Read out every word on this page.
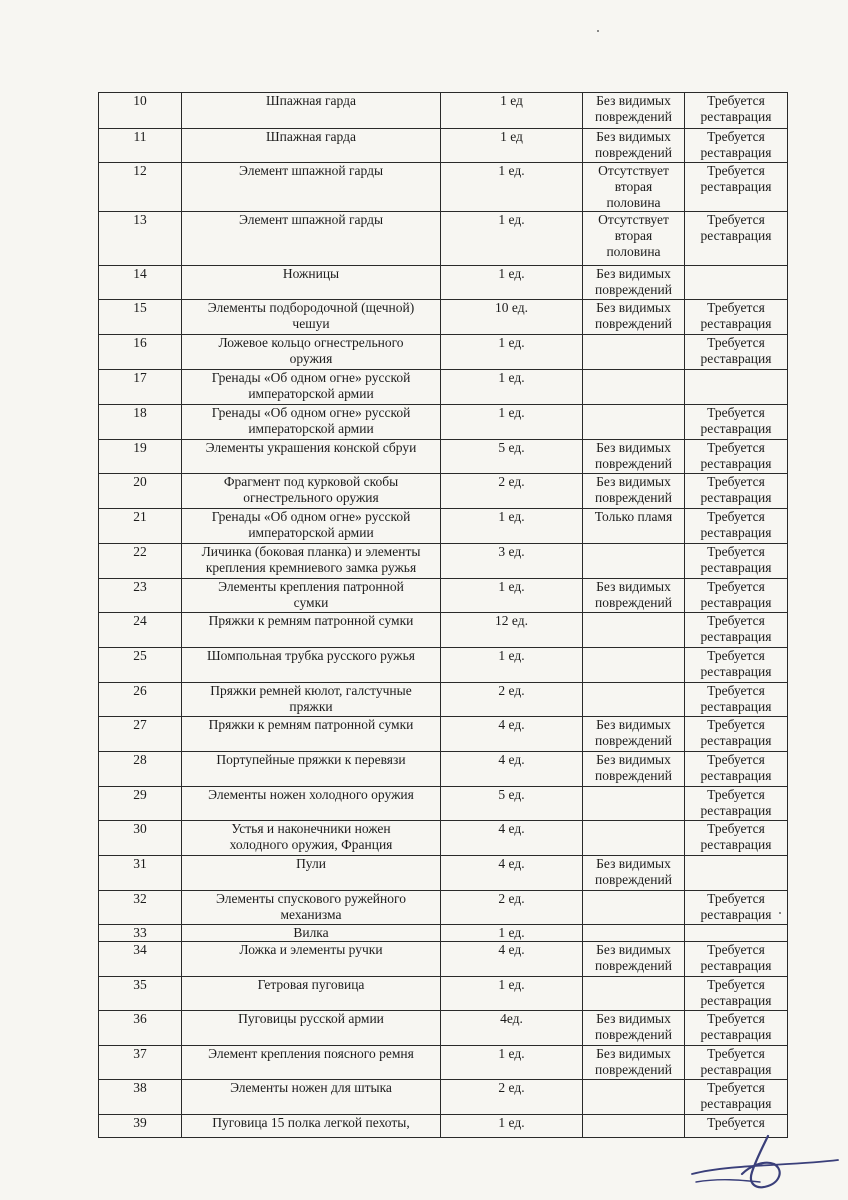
10	Шпажная гарда	1 ед	Без видимых
повреждений	Требуется
реставрация
11	Шпажная гарда	1 ед	Без видимых
повреждений	Требуется
реставрация
12	Элемент шпажной гарды	1 ед.	Отсутствует
вторая
половина	Требуется
реставрация
13	Элемент шпажной гарды	1 ед.	Отсутствует
вторая
половина	Требуется
реставрация
14	Ножницы	1 ед.	Без видимых
повреждений	
15	Элементы подбородочной (щечной)
чешуи	10 ед.	Без видимых
повреждений	Требуется
реставрация
16	Ложевое кольцо огнестрельного
оружия	1 ед.		Требуется
реставрация
17	Гренады «Об одном огне» русской
императорской армии	1 ед.		
18	Гренады «Об одном огне» русской
императорской армии	1 ед.		Требуется
реставрация
19	Элементы украшения конской сбруи	5 ед.	Без видимых
повреждений	Требуется
реставрация
20	Фрагмент под курковой скобы
огнестрельного оружия	2 ед.	Без видимых
повреждений	Требуется
реставрация
21	Гренады «Об одном огне» русской
императорской армии	1 ед.	Только пламя	Требуется
реставрация
22	Личинка (боковая планка) и элементы
крепления кремниевого замка ружья	3 ед.		Требуется
реставрация
23	Элементы крепления патронной
сумки	1 ед.	Без видимых
повреждений	Требуется
реставрация
24	Пряжки к ремням патронной сумки	12 ед.		Требуется
реставрация
25	Шомпольная трубка русского ружья	1 ед.		Требуется
реставрация
26	Пряжки ремней кюлот, галстучные
пряжки	2 ед.		Требуется
реставрация
27	Пряжки к ремням патронной сумки	4 ед.	Без видимых
повреждений	Требуется
реставрация
28	Портупейные пряжки к перевязи	4 ед.	Без видимых
повреждений	Требуется
реставрация
29	Элементы ножен холодного оружия	5 ед.		Требуется
реставрация
30	Устья и наконечники ножен
холодного оружия, Франция	4 ед.		Требуется
реставрация
31	Пули	4 ед.	Без видимых
повреждений	
32	Элементы спускового ружейного
механизма	2 ед.		Требуется
реставрация
33	Вилка	1 ед.		
34	Ложка и элементы ручки	4 ед.	Без видимых
повреждений	Требуется
реставрация
35	Гетровая пуговица	1 ед.		Требуется
реставрация
36	Пуговицы русской армии	4ед.	Без видимых
повреждений	Требуется
реставрация
37	Элемент крепления поясного ремня	1 ед.	Без видимых
повреждений	Требуется
реставрация
38	Элементы ножен для штыка	2 ед.		Требуется
реставрация
39	Пуговица 15 полка легкой пехоты,	1 ед.		Требуется
